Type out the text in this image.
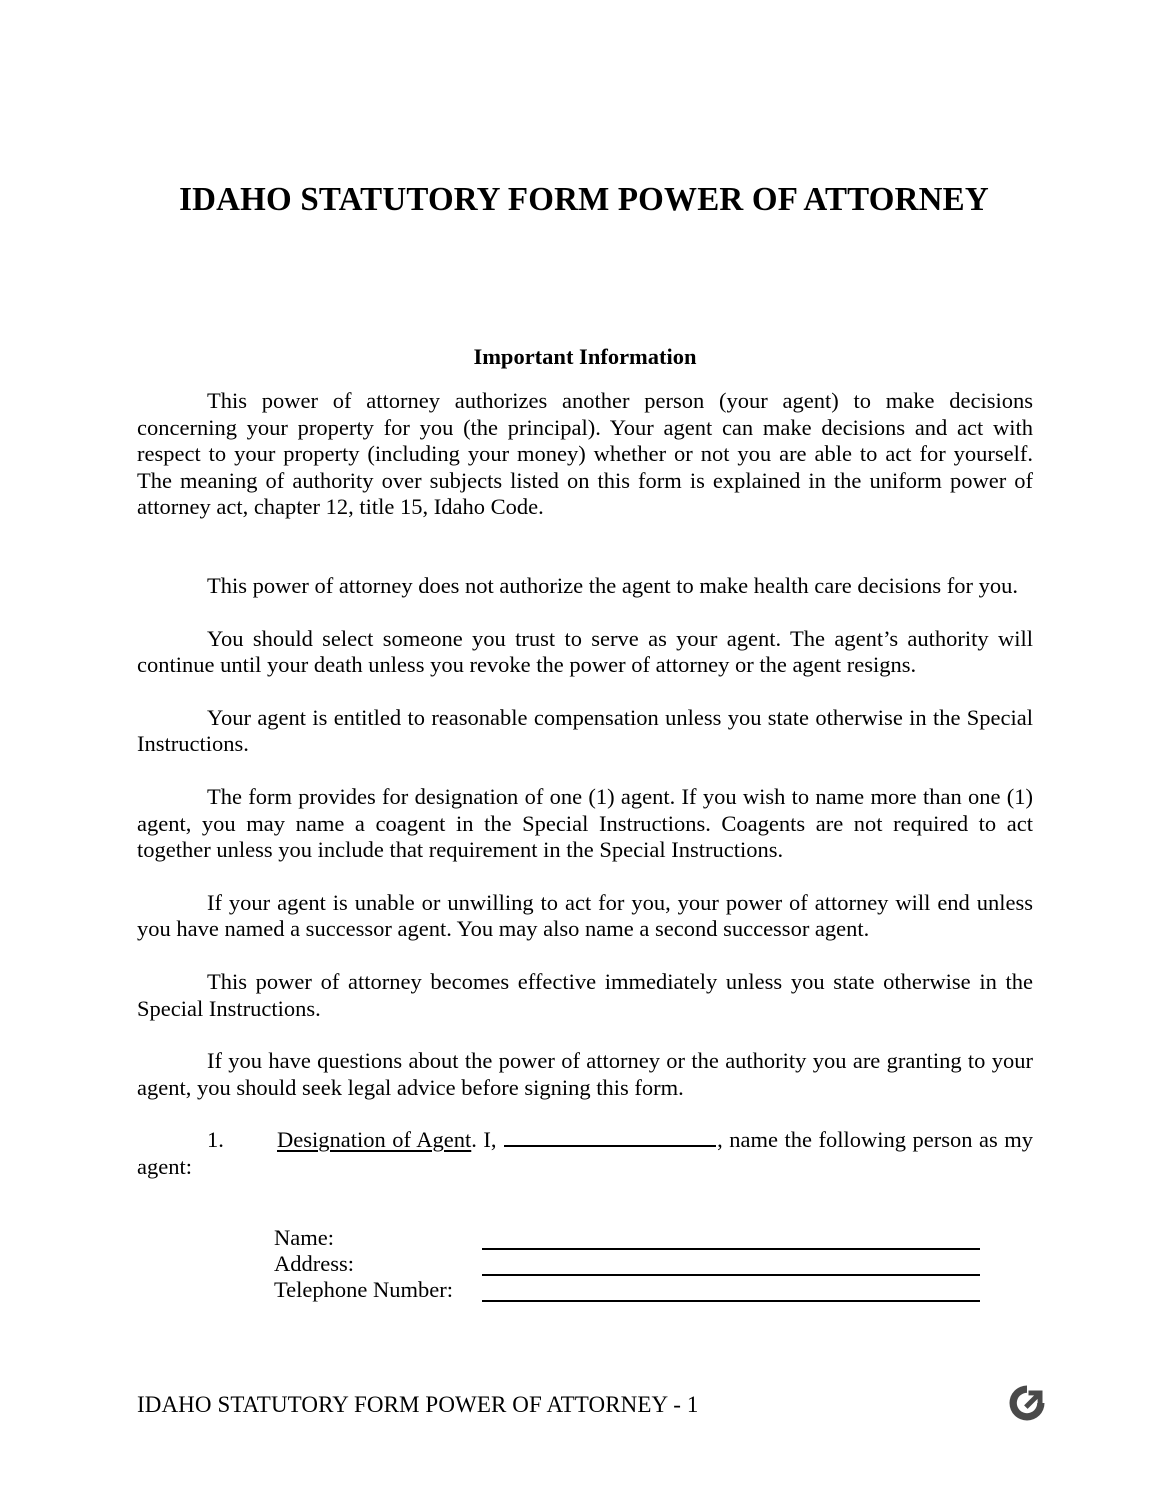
IDAHO STATUTORY FORM POWER OF ATTORNEY
Important Information

This power of attorney authorizes another person (your agent) to make decisions concerning your property for you (the principal). Your agent can make decisions and act with respect to your property (including your money) whether or not you are able to act for yourself. The meaning of authority over subjects listed on this form is explained in the uniform power of attorney act, chapter 12, title 15, Idaho Code.

This power of attorney does not authorize the agent to make health care decisions for you.

You should select someone you trust to serve as your agent. The agent’s authority will continue until your death unless you revoke the power of attorney or the agent resigns.

Your agent is entitled to reasonable compensation unless you state otherwise in the Special Instructions.

The form provides for designation of one (1) agent. If you wish to name more than one (1) agent, you may name a coagent in the Special Instructions. Coagents are not required to act together unless you include that requirement in the Special Instructions.

If your agent is unable or unwilling to act for you, your power of attorney will end unless you have named a successor agent. You may also name a second successor agent.

This power of attorney becomes effective immediately unless you state otherwise in the Special Instructions.

If you have questions about the power of attorney or the authority you are granting to your agent, you should seek legal advice before signing this form.

1. Designation of Agent. I,	, name the following person as my agent:

Name:
Address:
Telephone Number:
IDAHO STATUTORY FORM POWER OF ATTORNEY - 1
